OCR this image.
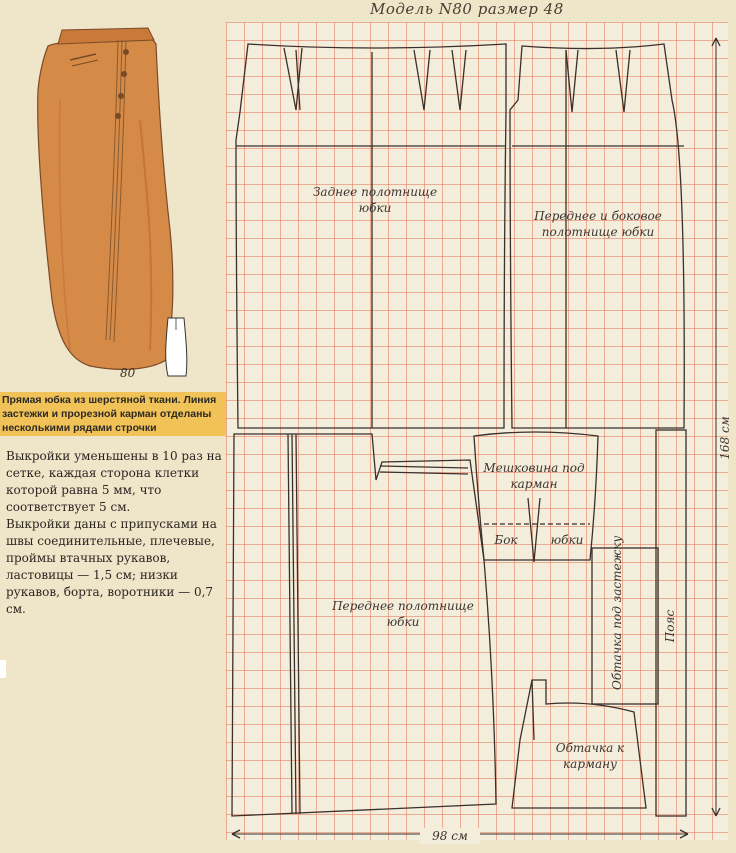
80
Прямая юбка из шерстяной ткани. Линия застежки и прорезной карман отделаны несколькими рядами строчки

Выкройки уменьшены в 10 раз на сетке, каждая сторона клетки которой равна 5 мм, что соответствует 5 см.

Выкройки даны с припусками на швы соединительные, плечевые, проймы втачных рукавов, ластовицы — 1,5 см; низки рукавов, борта, воротники — 0,7 см.

Модель N80 размер 48
Заднее полотнище юбки
Переднее и боковое полотнище юбки
Переднее полотнище юбки
Мешковина под карман
Бок	юбки
Обтачка к карману
Обтачка под застежку	Пояс
98 см
168 см
